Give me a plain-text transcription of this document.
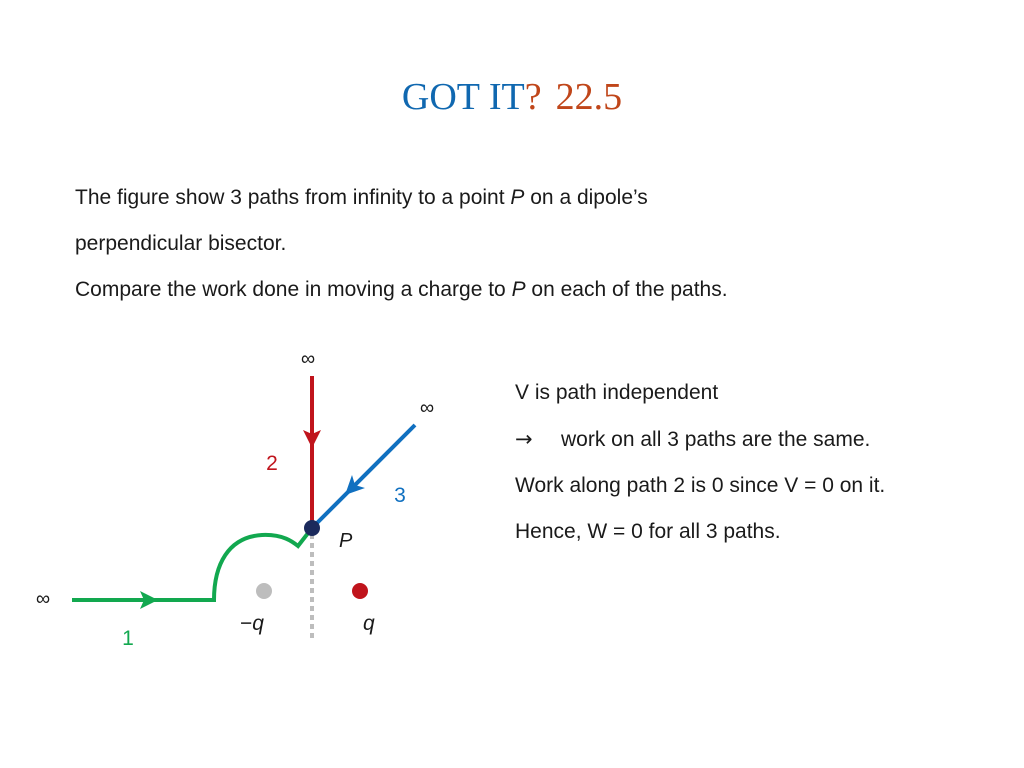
GOT IT? 22.5
The figure show 3 paths from infinity to a point P on a dipole’s
perpendicular bisector.
Compare the work done in moving a charge to P on each of the paths.
V is path independent
→ work on all 3 paths are the same.
Work along path 2 is 0 since V = 0 on it.
Hence, W = 0 for all 3 paths.
∞
∞
∞
2
3
1
P
−q	q
